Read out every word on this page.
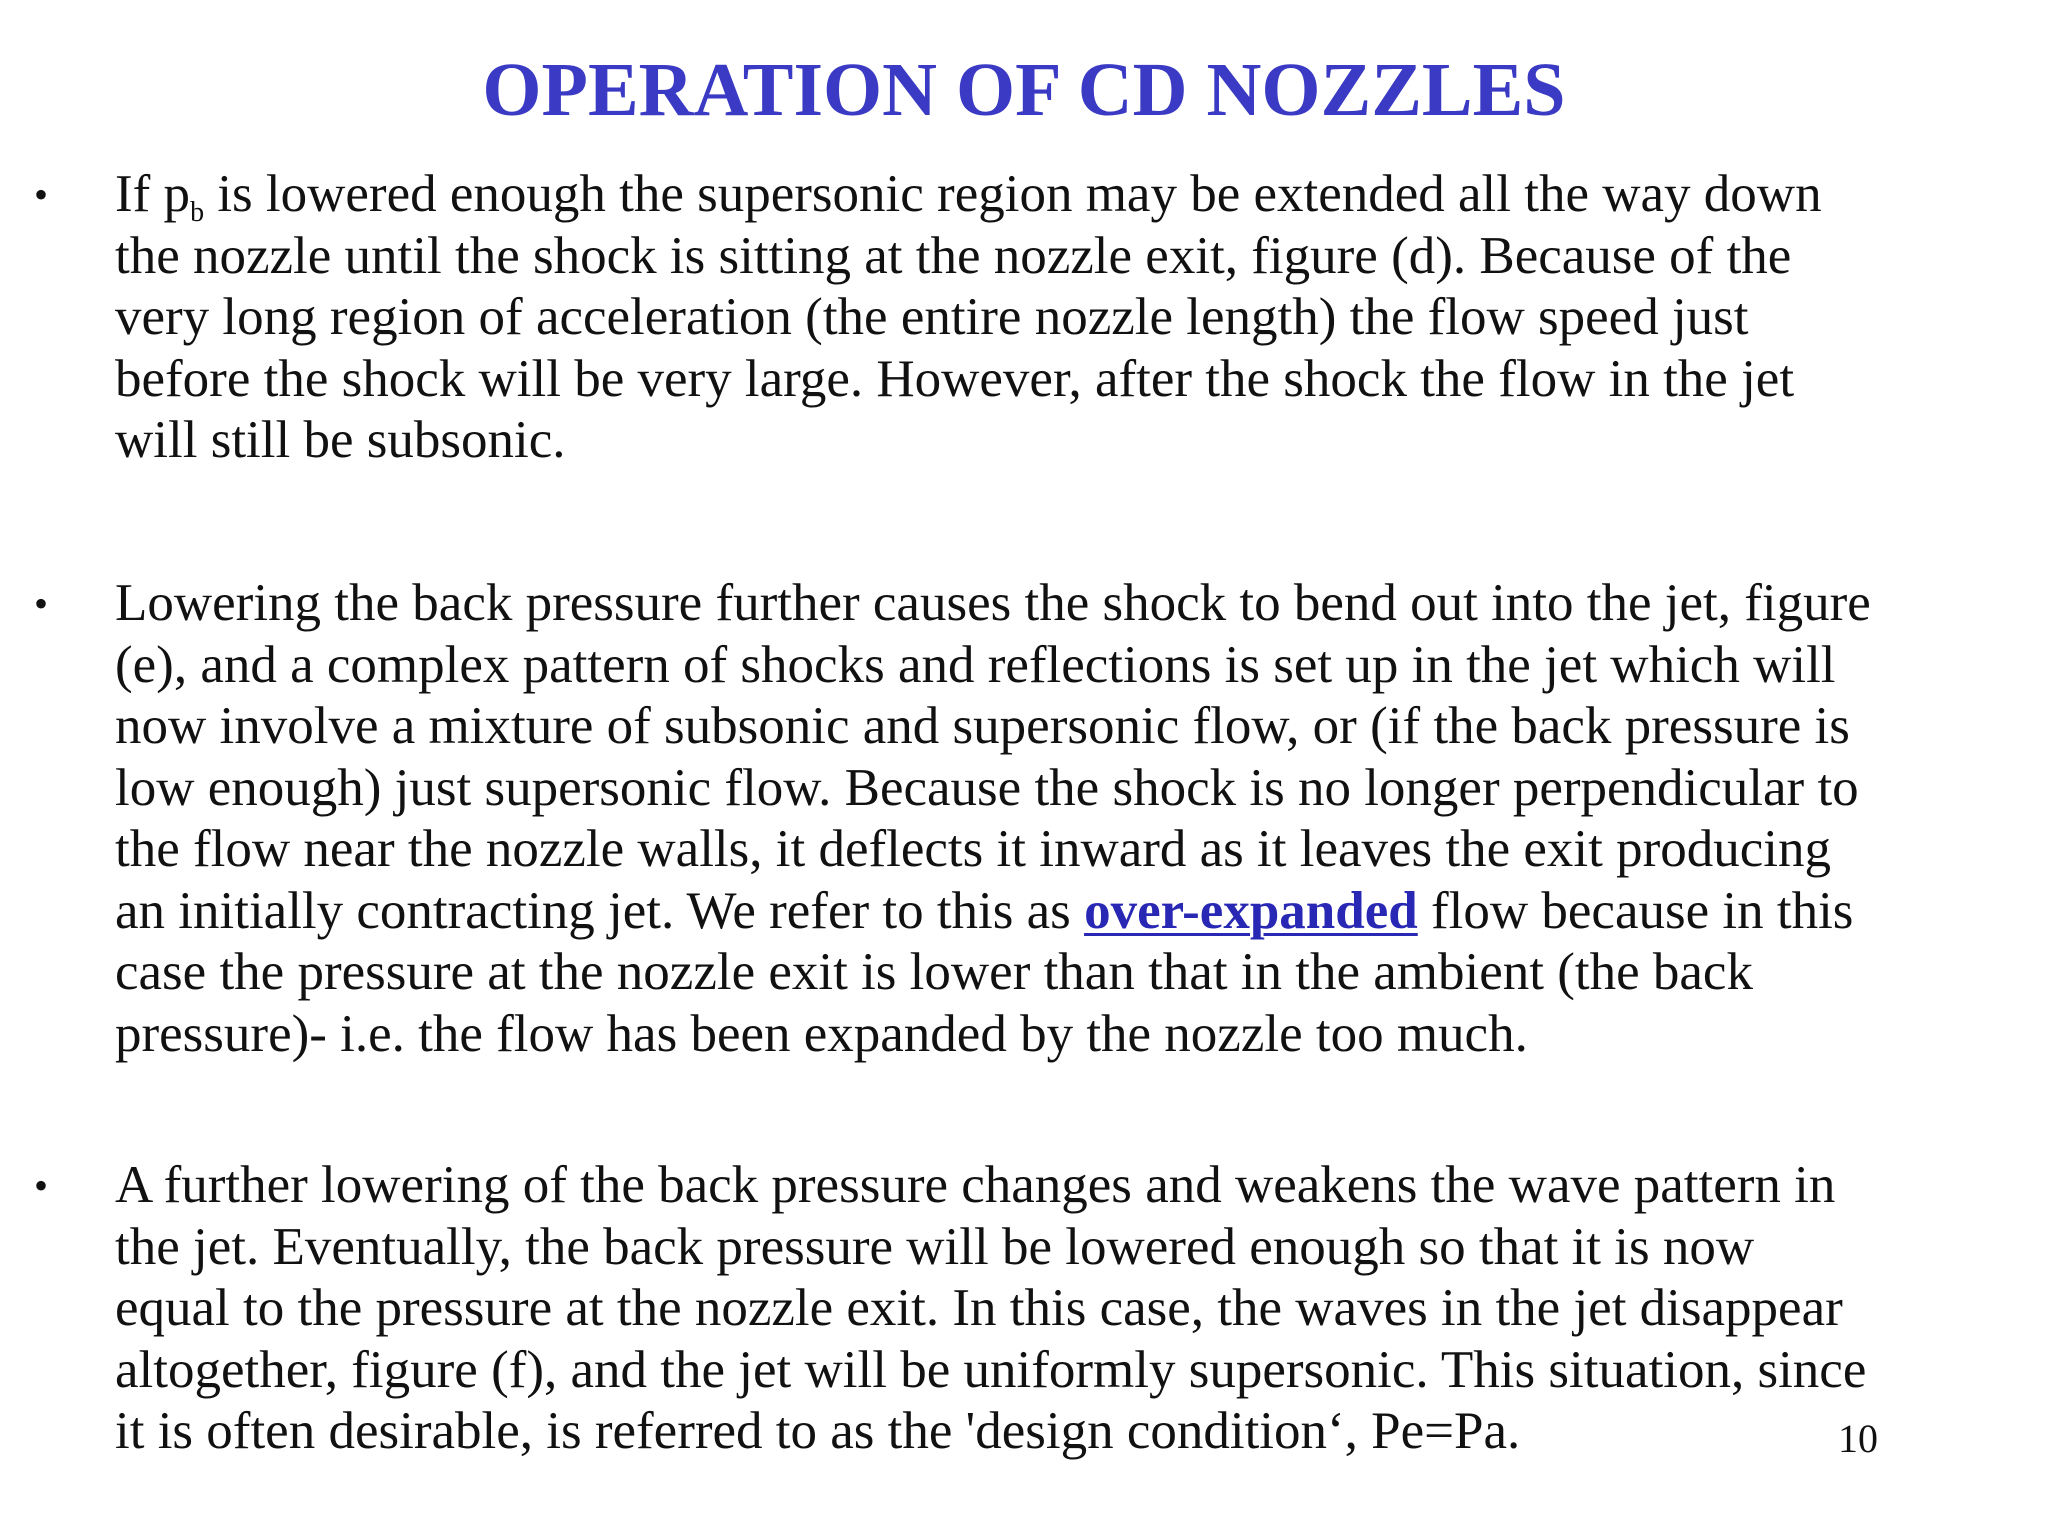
OPERATION OF CD NOZZLES
• If $p_b$ is lowered enough the supersonic region may be extended all the way down
the nozzle until the shock is sitting at the nozzle exit, figure (d). Because of the
very long region of acceleration (the entire nozzle length) the flow speed just
before the shock will be very large. However, after the shock the flow in the jet
will still be subsonic.
• Lowering the back pressure further causes the shock to bend out into the jet, figure
(e), and a complex pattern of shocks and reflections is set up in the jet which will
now involve a mixture of subsonic and supersonic flow, or (if the back pressure is
low enough) just supersonic flow. Because the shock is no longer perpendicular to
the flow near the nozzle walls, it deflects it inward as it leaves the exit producing
an initially contracting jet. We refer to this as over-expanded flow because in this
case the pressure at the nozzle exit is lower than that in the ambient (the back
pressure)- i.e. the flow has been expanded by the nozzle too much.
• A further lowering of the back pressure changes and weakens the wave pattern in
the jet. Eventually, the back pressure will be lowered enough so that it is now
equal to the pressure at the nozzle exit. In this case, the waves in the jet disappear
altogether, figure (f), and the jet will be uniformly supersonic. This situation, since
it is often desirable, is referred to as the 'design condition‘, Pe=Pa.	10
